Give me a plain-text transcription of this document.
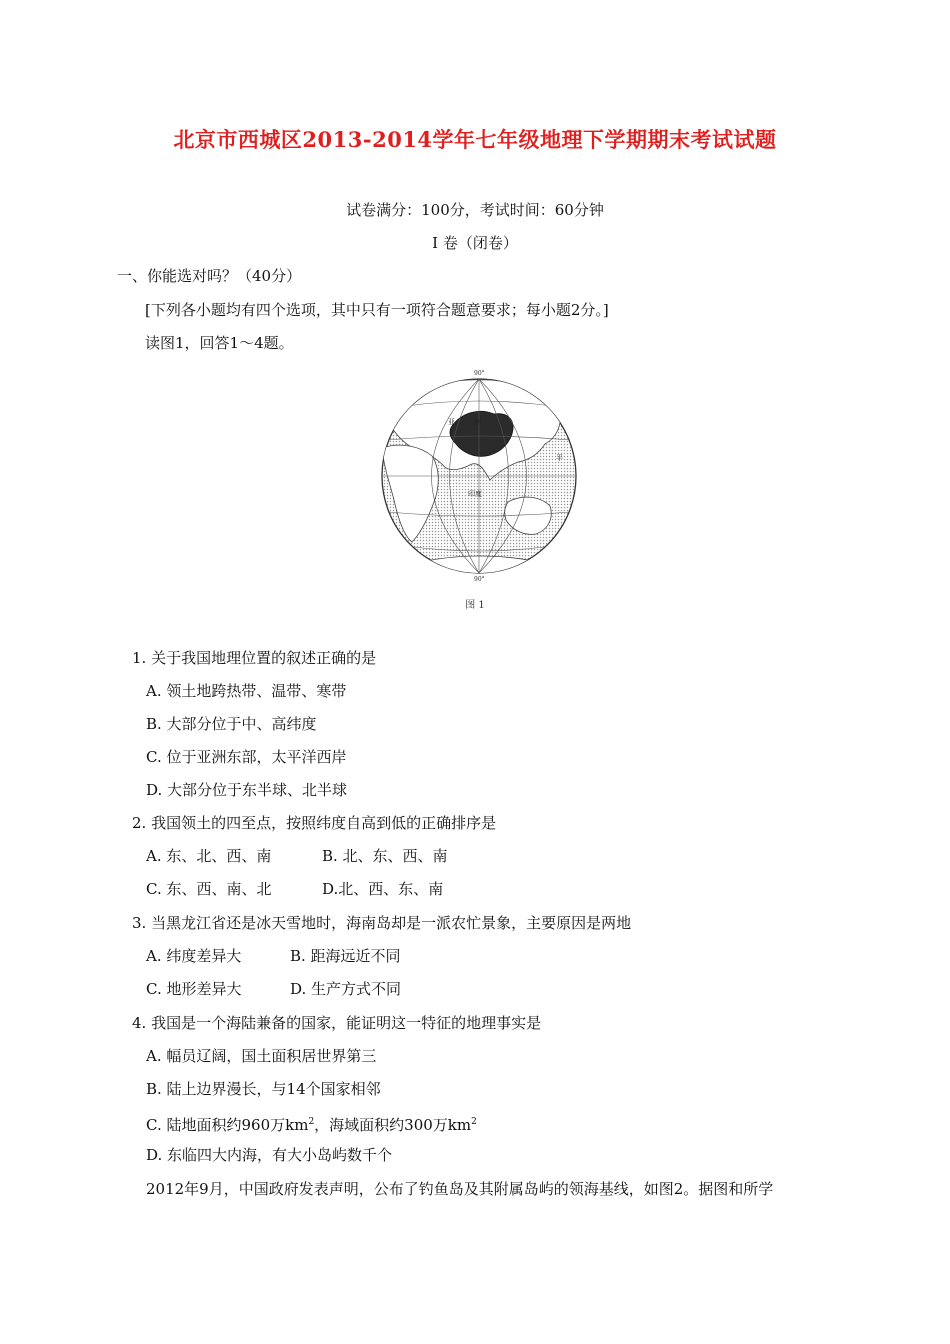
北京市西城区2013-2014学年七年级地理下学期期末考试试题
试卷满分：100分，考试时间：60分钟
Ⅰ 卷（闭卷）
一、你能选对吗？（40分）
[下列各小题均有四个选项，其中只有一项符合题意要求；每小题2分。]
读图1，回答1～4题。
90°
90°
亚	洲
印度
平
图 1
1. 关于我国地理位置的叙述正确的是
A. 领土地跨热带、温带、寒带
B. 大部分位于中、高纬度
C. 位于亚洲东部，太平洋西岸
D. 大部分位于东半球、北半球
2. 我国领土的四至点，按照纬度自高到低的正确排序是
A. 东、北、西、南	B. 北、东、西、南
C. 东、西、南、北	D.北、西、东、南
3. 当黑龙江省还是冰天雪地时，海南岛却是一派农忙景象，主要原因是两地
A. 纬度差异大	B. 距海远近不同
C. 地形差异大	D. 生产方式不同
4. 我国是一个海陆兼备的国家，能证明这一特征的地理事实是
A. 幅员辽阔，国土面积居世界第三
B. 陆上边界漫长，与14个国家相邻
C. 陆地面积约960万$km^2$，海域面积约300万$km^2$
D. 东临四大内海，有大小岛屿数千个
2012年9月，中国政府发表声明，公布了钓鱼岛及其附属岛屿的领海基线，如图2。据图和所学
